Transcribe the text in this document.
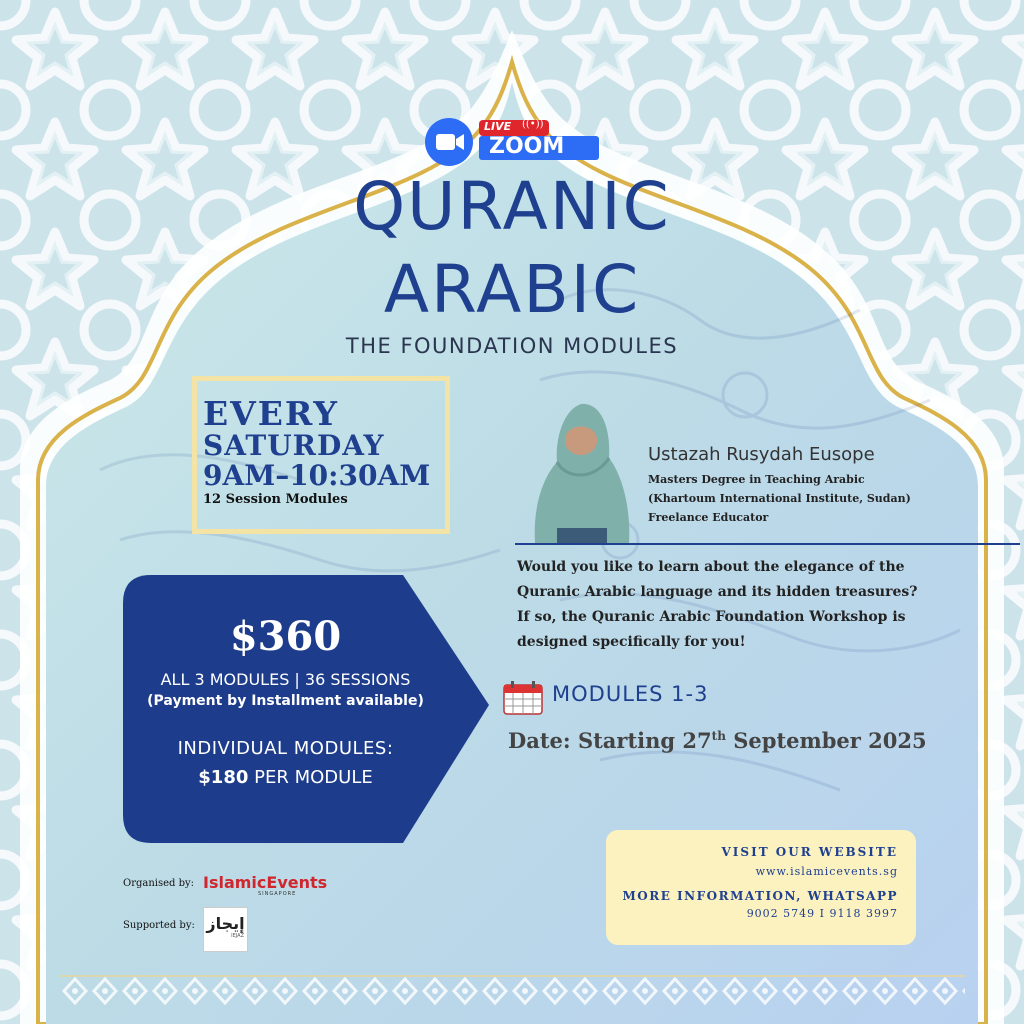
LIVE ((•))
ZOOM
QURANIC
ARABIC
THE FOUNDATION MODULES
EVERY
SATURDAY
9AM–10:30AM
12 Session Modules
Ustazah Rusydah Eusope
Masters Degree in Teaching Arabic
(Khartoum International Institute, Sudan)
Freelance Educator
Would you like to learn about the elegance of the
Quranic Arabic language and its hidden treasures?
If so, the Quranic Arabic Foundation Workshop is
designed specifically for you!
$360
ALL 3 MODULES | 36 SESSIONS
(Payment by Installment available)
INDIVIDUAL MODULES:
$180 PER MODULE
MODULES 1-3
Date: Starting 27th September 2025
VISIT OUR WEBSITE
www.islamicevents.sg
MORE INFORMATION, WHATSAPP
9002 5749 I 9118 3997
Organised by: IslamicEvents
SINGAPORE
Supported by: إيجاز
IEJAZ
